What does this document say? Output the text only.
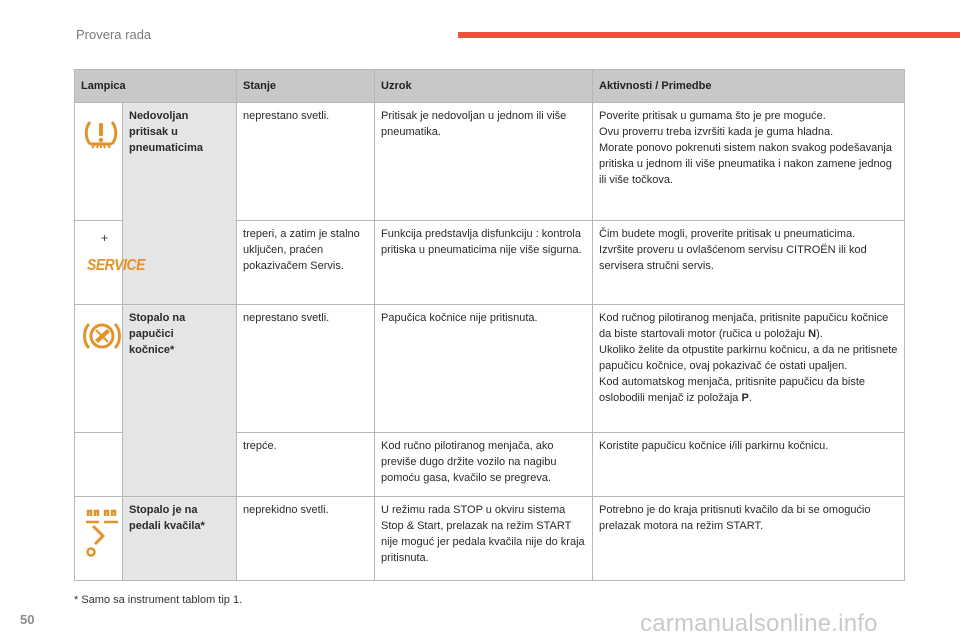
Provera rada
Lampica		Stanje	Uzrok	Aktivnosti / Primedbe

Nedovoljan pritisak u pneumaticima	neprestano svetli.	Pritisak je nedovoljan u jednom ili više pneumatika.	Poverite pritisak u gumama što je pre moguće.
Ovu proverru treba izvršiti kada je guma hladna.
Morate ponovo pokrenuti sistem nakon svakog podešavanja pritiska u jednom ili više pneumatika i nakon zamene jednog ili više točkova.

+
SERVICE		treperi, a zatim je stalno uključen, praćen pokazivačem Servis.	Funkcija predstavlja disfunkciju : kontrola pritiska u pneumaticima nije više sigurna.	Čim budete mogli, proverite pritisak u pneumaticima.
Izvršite proveru u ovlašćenom servisu CITROËN ili kod servisera stručni servis.

Stopalo na papučici kočnice*	neprestano svetli.	Papučica kočnice nije pritisnuta.	Kod ručnog pilotiranog menjača, pritisnite papučicu kočnice da biste startovali motor (ručica u položaju N).
Ukoliko želite da otpustite parkirnu kočnicu, a da ne pritisnete papučicu kočnice, ovaj pokazivač će ostati upaljen.
Kod automatskog menjača, pritisnite papučicu da biste oslobodili menjač iz položaja P.
		trepće.	Kod ručno pilotiranog menjača, ako previše dugo držite vozilo na nagibu pomoću gasa, kvačilo se pregreva.	Koristite papučicu kočnice i/ili parkirnu kočnicu.

Stopalo je na pedali kvačila*	neprekidno svetli.	U režimu rada STOP u okviru sistema Stop & Start, prelazak na režim START nije moguć jer pedala kvačila nije do kraja pritisnuta.	Potrebno je do kraja pritisnuti kvačilo da bi se omogućio prelazak motora na režim START.
* Samo sa instrument tablom tip 1.
50	carmanualsonline.info
